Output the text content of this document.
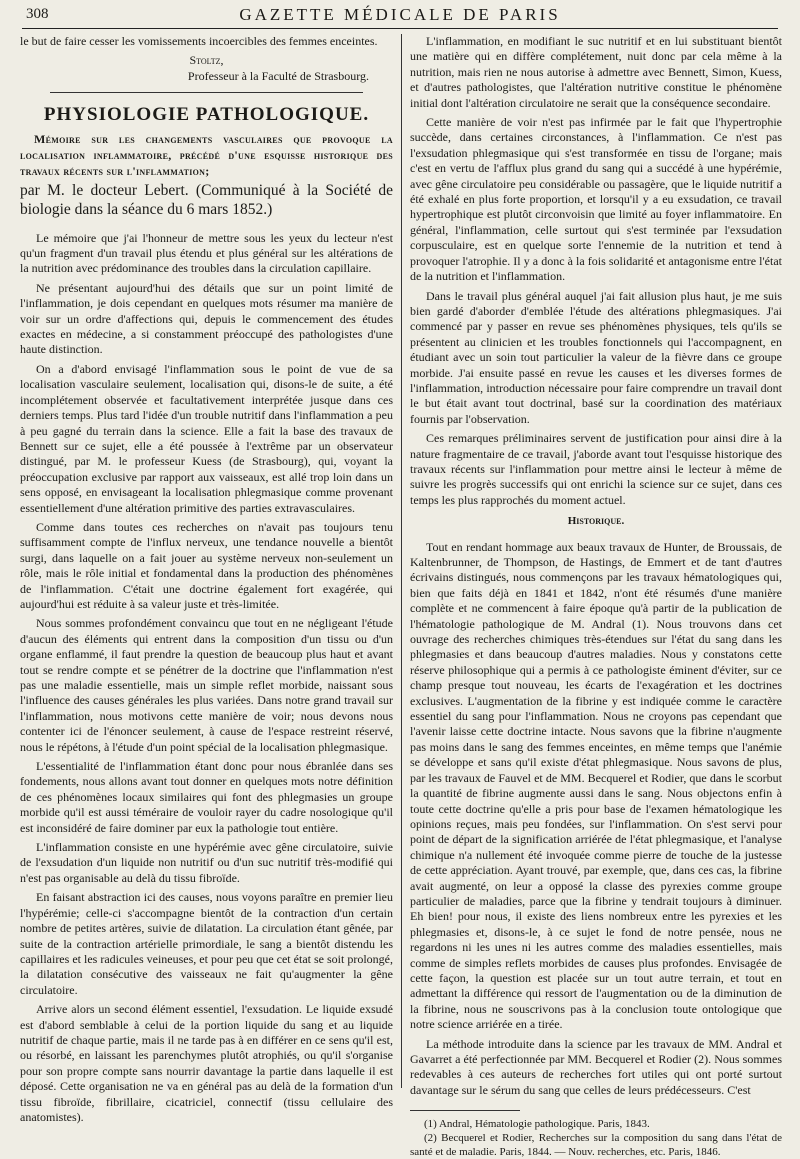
308	GAZETTE MÉDICALE DE PARIS

le but de faire cesser les vomissements incoercibles des femmes enceintes.

Stoltz,

Professeur à la Faculté de Strasbourg.

PHYSIOLOGIE PATHOLOGIQUE.

Mémoire sur les changements vasculaires que provoque la localisation inflammatoire, précédé d'une esquisse historique des travaux récents sur l'inflammation;

par M. le docteur Lebert. (Communiqué à la Société de biologie dans la séance du 6 mars 1852.)

Le mémoire que j'ai l'honneur de mettre sous les yeux du lecteur n'est qu'un fragment d'un travail plus étendu et plus général sur les altérations de la nutrition avec prédominance des troubles dans la circulation capillaire.

Ne présentant aujourd'hui des détails que sur un point limité de l'inflammation, je dois cependant en quelques mots résumer ma manière de voir sur un ordre d'affections qui, depuis le commencement des études exactes en médecine, a si constamment préoccupé des pathologistes d'une haute distinction.

On a d'abord envisagé l'inflammation sous le point de vue de sa localisation vasculaire seulement, localisation qui, disons-le de suite, a été incomplétement observée et facultativement interprétée jusque dans ces derniers temps. Plus tard l'idée d'un trouble nutritif dans l'inflammation a peu à peu gagné du terrain dans la science. Elle a fait la base des travaux de Bennett sur ce sujet, elle a été poussée à l'extrême par un observateur distingué, par M. le professeur Kuess (de Strasbourg), qui, voyant la préoccupation exclusive par rapport aux vaisseaux, est allé trop loin dans un sens opposé, en envisageant la localisation phlegmasique comme provenant essentiellement d'une altération primitive des parties extravasculaires.

Comme dans toutes ces recherches on n'avait pas toujours tenu suffisamment compte de l'influx nerveux, une tendance nouvelle a bientôt surgi, dans laquelle on a fait jouer au système nerveux non-seulement un rôle, mais le rôle initial et fondamental dans la production des phénomènes de l'inflammation. C'était une doctrine également fort exagérée, qui aujourd'hui est réduite à sa valeur juste et très-limitée.

Nous sommes profondément convaincu que tout en ne négligeant l'étude d'aucun des éléments qui entrent dans la composition d'un tissu ou d'un organe enflammé, il faut prendre la question de beaucoup plus haut et avant tout se rendre compte et se pénétrer de la doctrine que l'inflammation n'est pas une maladie essentielle, mais un simple reflet morbide, naissant sous l'influence des causes générales les plus variées. Dans notre grand travail sur l'inflammation, nous motivons cette manière de voir; nous devons nous contenter ici de l'énoncer seulement, à cause de l'espace restreint réservé, nous le répétons, à l'étude d'un point spécial de la localisation phlegmasique.

L'essentialité de l'inflammation étant donc pour nous ébranlée dans ses fondements, nous allons avant tout donner en quelques mots notre définition de ces phénomènes locaux similaires qui font des phlegmasies un groupe morbide qu'il est aussi téméraire de vouloir rayer du cadre nosologique qu'il est inconsidéré de faire dominer par eux la pathologie tout entière.

L'inflammation consiste en une hypérémie avec gêne circulatoire, suivie de l'exsudation d'un liquide non nutritif ou d'un suc nutritif très-modifié qui n'est pas organisable au delà du tissu fibroïde.

En faisant abstraction ici des causes, nous voyons paraître en premier lieu l'hypérémie; celle-ci s'accompagne bientôt de la contraction d'un certain nombre de petites artères, suivie de dilatation. La circulation étant gênée, par suite de la contraction artérielle primordiale, le sang a bientôt distendu les capillaires et les radicules veineuses, et pour peu que cet état se soit prolongé, la dilatation consécutive des vaisseaux ne fait qu'augmenter la gêne circulatoire.

Arrive alors un second élément essentiel, l'exsudation. Le liquide exsudé est d'abord semblable à celui de la portion liquide du sang et au liquide nutritif de chaque partie, mais il ne tarde pas à en différer en ce sens qu'il est, ou résorbé, en laissant les parenchymes plutôt atrophiés, ou qu'il s'organise pour son propre compte sans nourrir davantage la partie dans laquelle il est déposé. Cette organisation ne va en général pas au delà de la formation d'un tissu fibroïde, fibrillaire, cicatriciel, connectif (tissu cellulaire des anatomistes).

L'inflammation, en modifiant le suc nutritif et en lui substituant bientôt une matière qui en diffère complétement, nuit donc par cela même à la nutrition, mais rien ne nous autorise à admettre avec Bennett, Simon, Kuess, et d'autres pathologistes, que l'altération nutritive constitue le phénomène initial dont l'altération circulatoire ne serait que la conséquence secondaire.

Cette manière de voir n'est pas infirmée par le fait que l'hypertrophie succède, dans certaines circonstances, à l'inflammation. Ce n'est pas l'exsudation phlegmasique qui s'est transformée en tissu de l'organe; mais c'est en vertu de l'afflux plus grand du sang qui a succédé à une hypérémie, avec gêne circulatoire peu considérable ou passagère, que le liquide nutritif a été exhalé en plus forte proportion, et lorsqu'il y a eu exsudation, ce travail hypertrophique est plutôt circonvoisin que limité au foyer inflammatoire. En général, l'inflammation, celle surtout qui s'est terminée par l'exsudation corpusculaire, est en quelque sorte l'ennemie de la nutrition et tend à provoquer l'atrophie. Il y a donc à la fois solidarité et antagonisme entre l'état de la nutrition et l'inflammation.

Dans le travail plus général auquel j'ai fait allusion plus haut, je me suis bien gardé d'aborder d'emblée l'étude des altérations phlegmasiques. J'ai commencé par y passer en revue ses phénomènes physiques, tels qu'ils se présentent au clinicien et les troubles fonctionnels qui l'accompagnent, en étudiant avec un soin tout particulier la valeur de la fièvre dans ce groupe morbide. J'ai ensuite passé en revue les causes et les diverses formes de l'inflammation, introduction nécessaire pour faire comprendre un travail dont le but était avant tout doctrinal, basé sur la coordination des matériaux fournis par l'observation.

Ces remarques préliminaires servent de justification pour ainsi dire à la nature fragmentaire de ce travail, j'aborde avant tout l'esquisse historique des travaux récents sur l'inflammation pour mettre ainsi le lecteur à même de suivre les progrès successifs qui ont enrichi la science sur ce sujet, dans ces temps les plus rapprochés du moment actuel.

Historique.

Tout en rendant hommage aux beaux travaux de Hunter, de Broussais, de Kaltenbrunner, de Thompson, de Hastings, de Emmert et de tant d'autres écrivains distingués, nous commençons par les travaux hématologiques qui, bien que faits déjà en 1841 et 1842, n'ont été résumés d'une manière complète et ne commencent à faire époque qu'à partir de la publication de l'hématologie pathologique de M. Andral (1). Nous trouvons dans cet ouvrage des recherches chimiques très-étendues sur l'état du sang dans les phlegmasies et dans beaucoup d'autres maladies. Nous y constatons cette réserve philosophique qui a permis à ce pathologiste éminent d'éviter, sur ce champ presque tout nouveau, les écarts de l'exagération et les doctrines exclusives. L'augmentation de la fibrine y est indiquée comme le caractère essentiel du sang pour l'inflammation. Nous ne croyons pas cependant que l'avenir laisse cette doctrine intacte. Nous savons que la fibrine n'augmente pas moins dans le sang des femmes enceintes, en même temps que l'anémie se développe et sans qu'il existe d'état phlegmasique. Nous savons de plus, par les travaux de Fauvel et de MM. Becquerel et Rodier, que dans le scorbut la quantité de fibrine augmente aussi dans le sang. Nous objectons enfin à toute cette doctrine qu'elle a pris pour base de l'examen hématologique les opinions reçues, mais peu fondées, sur l'inflammation. On s'est servi pour point de départ de la signification arriérée de l'état phlegmasique, et l'analyse chimique n'a nullement été invoquée comme pierre de touche de la justesse de cette appréciation. Ayant trouvé, par exemple, que, dans ces cas, la fibrine avait augmenté, on leur a opposé la classe des pyrexies comme groupe particulier de maladies, parce que la fibrine y tendrait toujours à diminuer. Eh bien! pour nous, il existe des liens nombreux entre les pyrexies et les phlegmasies et, disons-le, à ce sujet le fond de notre pensée, nous ne regardons ni les unes ni les autres comme des maladies essentielles, mais comme de simples reflets morbides de causes plus profondes. Envisagée de cette façon, la question est placée sur un tout autre terrain, et tout en admettant la différence qui ressort de l'augmentation ou de la diminution de la fibrine, nous ne souscrivons pas à la conclusion toute ontologique que notre science arriérée en a tirée.

La méthode introduite dans la science par les travaux de MM. Andral et Gavarret a été perfectionnée par MM. Becquerel et Rodier (2). Nous sommes redevables à ces auteurs de recherches fort utiles qui ont porté surtout davantage sur le sérum du sang que celles de leurs prédécesseurs. C'est

(1) Andral, Hématologie pathologique. Paris, 1843.

(2) Becquerel et Rodier, Recherches sur la composition du sang dans l'état de santé et de maladie. Paris, 1844. — Nouv. recherches, etc. Paris, 1846.
